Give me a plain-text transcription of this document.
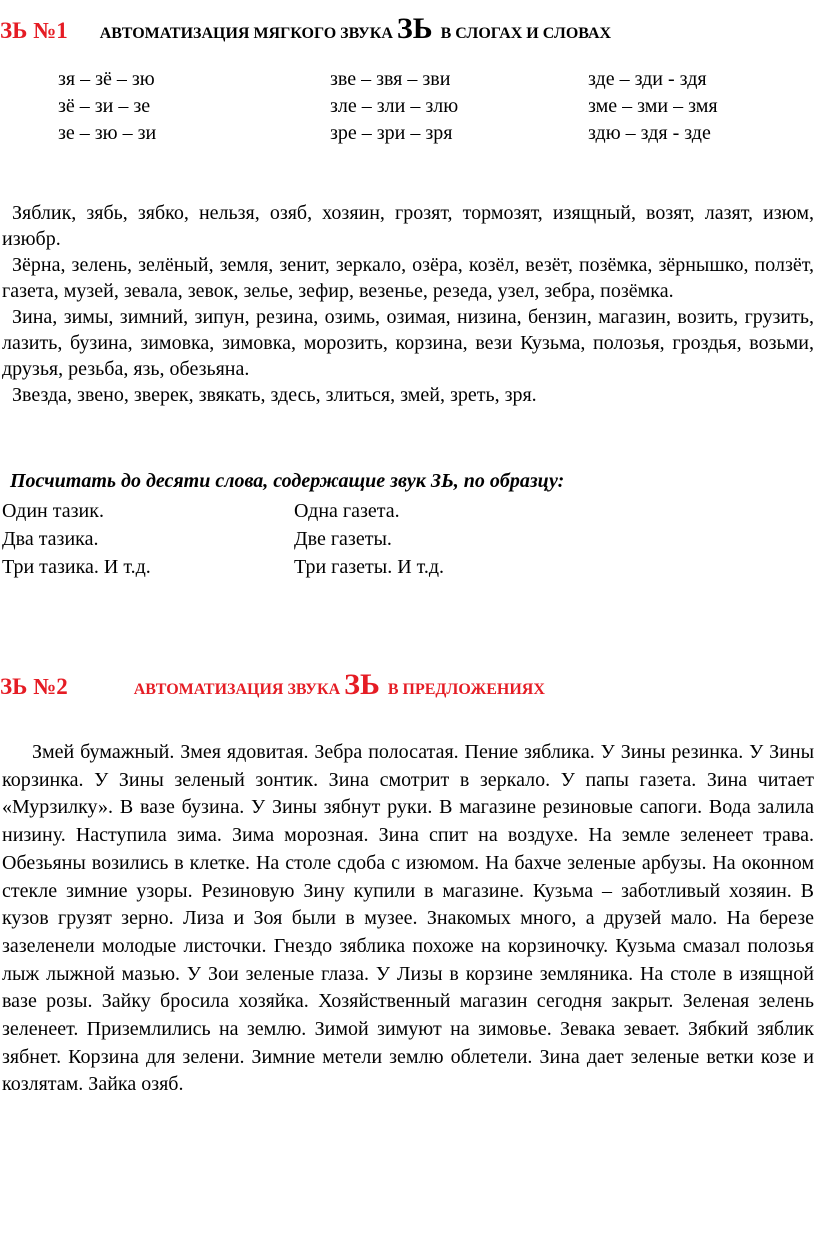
ЗЬ №1 АВТОМАТИЗАЦИЯ МЯГКОГО ЗВУКА ЗЬ В СЛОГАХ И СЛОВАХ
зя – зё – зю
зё – зи – зе
зе – зю – зи
зве – звя – зви
зле – зли – злю
зре – зри – зря
зде – зди - здя
зме – зми – змя
здю – здя - зде

Зяблик, зябь, зябко, нельзя, озяб, хозяин, грозят, тормозят, изящный, возят, лазят, изюм, изюбр.

Зёрна, зелень, зелёный, земля, зенит, зеркало, озёра, козёл, везёт, позёмка, зёрнышко, ползёт, газета, музей, зевала, зевок, зелье, зефир, везенье, резеда, узел, зебра, позёмка.

Зина, зимы, зимний, зипун, резина, озимь, озимая, низина, бензин, магазин, возить, грузить, лазить, бузина, зимовка, зимовка, морозить, корзина, вези Кузьма, полозья, гроздья, возьми, друзья, резьба, язь, обезьяна.

Звезда, звено, зверек, звякать, здесь, злиться, змей, зреть, зря.

Посчитать до десяти слова, содержащие звук ЗЬ, по образцу:
Один тазик.
Два тазика.
Три тазика. И т.д.
Одна газета.
Две газеты.
Три газеты. И т.д.
ЗЬ №2	АВТОМАТИЗАЦИЯ ЗВУКА ЗЬ В ПРЕДЛОЖЕНИЯХ

Змей бумажный. Змея ядовитая. Зебра полосатая. Пение зяблика. У Зины резинка. У Зины корзинка. У Зины зеленый зонтик. Зина смотрит в зеркало. У папы газета. Зина читает «Мурзилку». В вазе бузина. У Зины зябнут руки. В магазине резиновые сапоги. Вода залила низину. Наступила зима. Зима морозная. Зина спит на воздухе. На земле зеленеет трава. Обезьяны возились в клетке. На столе сдоба с изюмом. На бахче зеленые арбузы. На оконном стекле зимние узоры. Резиновую Зину купили в магазине. Кузьма – заботливый хозяин. В кузов грузят зерно. Лиза и Зоя были в музее. Знакомых много, а друзей мало. На березе зазеленели молодые листочки. Гнездо зяблика похоже на корзиночку. Кузьма смазал полозья лыж лыжной мазью. У Зои зеленые глаза. У Лизы в корзине земляника. На столе в изящной вазе розы. Зайку бросила хозяйка. Хозяйственный магазин сегодня закрыт. Зеленая зелень зеленеет. Приземлились на землю. Зимой зимуют на зимовье. Зевака зевает. Зябкий зяблик зябнет. Корзина для зелени. Зимние метели землю облетели. Зина дает зеленые ветки козе и козлятам. Зайка озяб.
